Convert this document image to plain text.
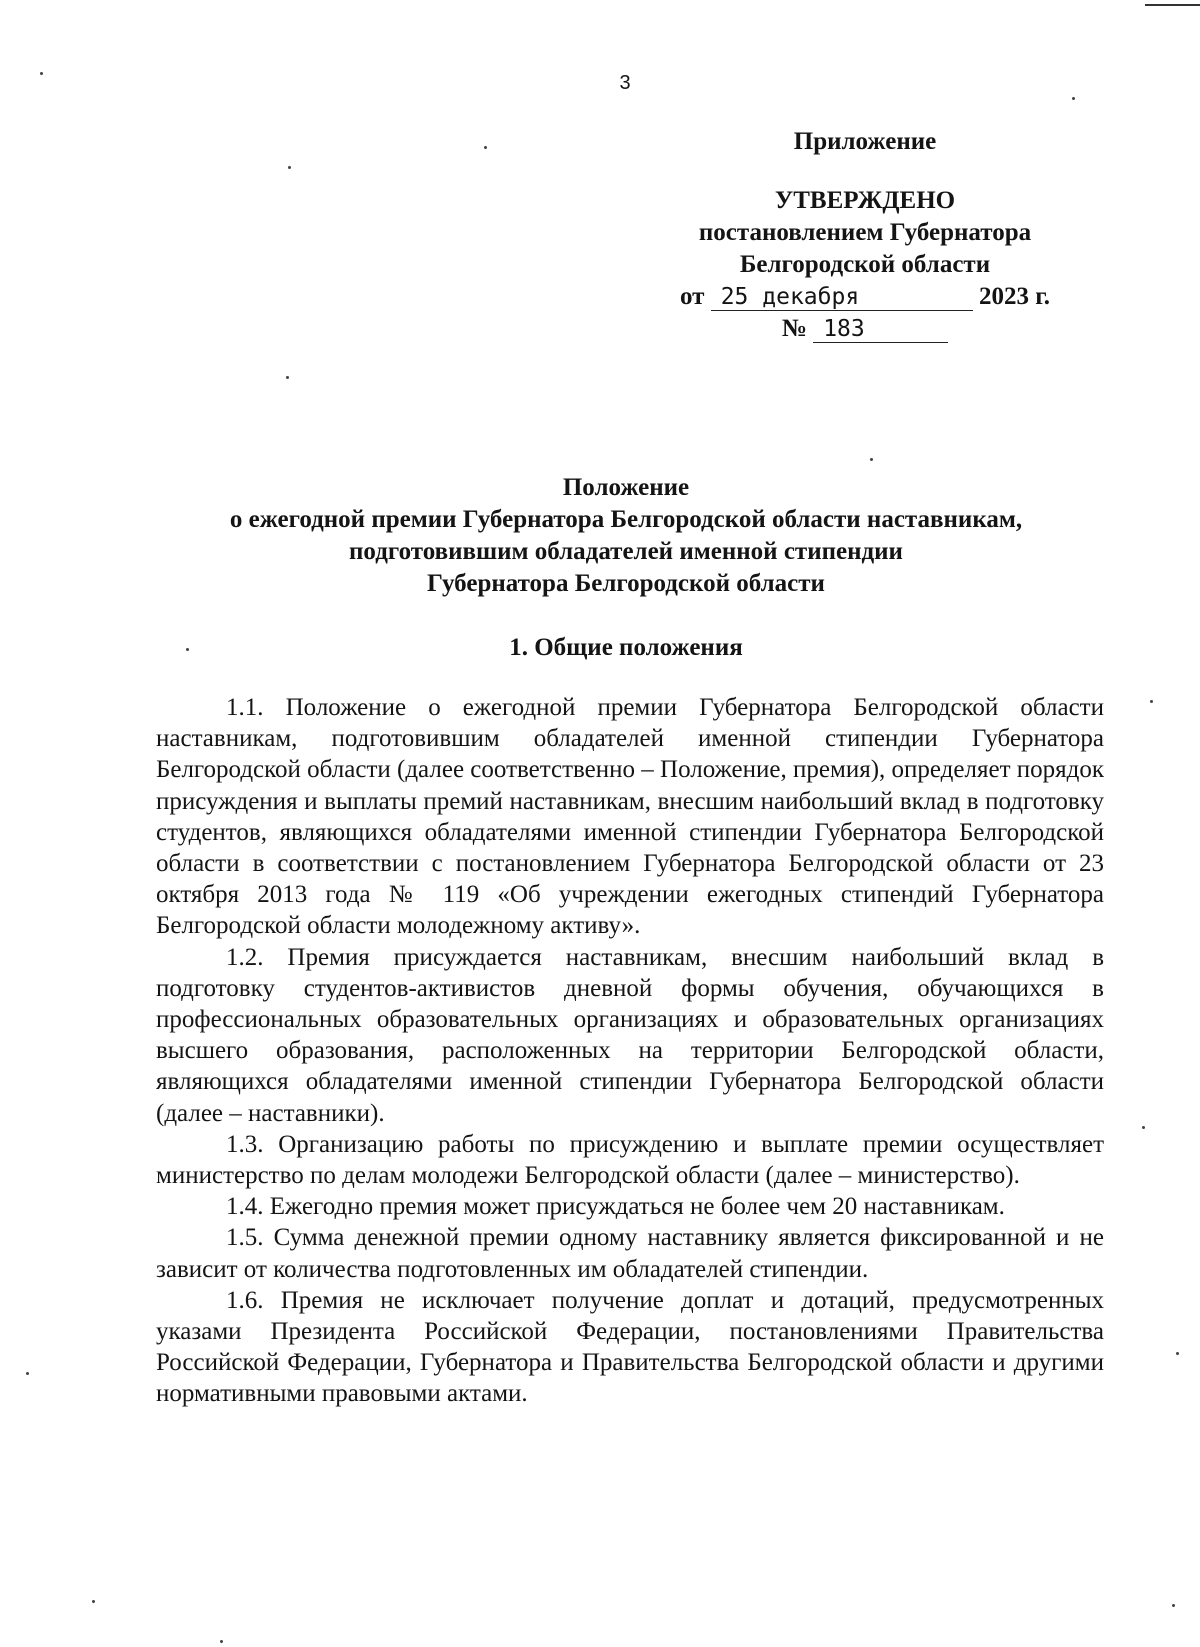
3
Приложение
УТВЕРЖДЕНО
постановлением Губернатора
Белгородской области
от 25 декабря	2023 г.
№ 183
Положение
о ежегодной премии Губернатора Белгородской области наставникам,
подготовившим обладателей именной стипендии
Губернатора Белгородской области
1. Общие положения

1.1. Положение о ежегодной премии Губернатора Белгородской области наставникам, подготовившим обладателей именной стипендии Губернатора Белгородской области (далее соответственно – Положение, премия), определяет порядок присуждения и выплаты премий наставникам, внесшим наибольший вклад в подготовку студентов, являющихся обладателями именной стипендии Губернатора Белгородской области в соответствии с постановлением Губернатора Белгородской области от 23 октября 2013 года № 119 «Об учреждении ежегодных стипендий Губернатора Белгородской области молодежному активу».

1.2. Премия присуждается наставникам, внесшим наибольший вклад в подготовку студентов-активистов дневной формы обучения, обучающихся в профессиональных образовательных организациях и образовательных организациях высшего образования, расположенных на территории Белгородской области, являющихся обладателями именной стипендии Губернатора Белгородской области (далее – наставники).

1.3. Организацию работы по присуждению и выплате премии осуществляет министерство по делам молодежи Белгородской области (далее – министерство).

1.4. Ежегодно премия может присуждаться не более чем 20 наставникам.

1.5. Сумма денежной премии одному наставнику является фиксированной и не зависит от количества подготовленных им обладателей стипендии.

1.6. Премия не исключает получение доплат и дотаций, предусмотренных указами Президента Российской Федерации, постановлениями Правительства Российской Федерации, Губернатора и Правительства Белгородской области и другими нормативными правовыми актами.
